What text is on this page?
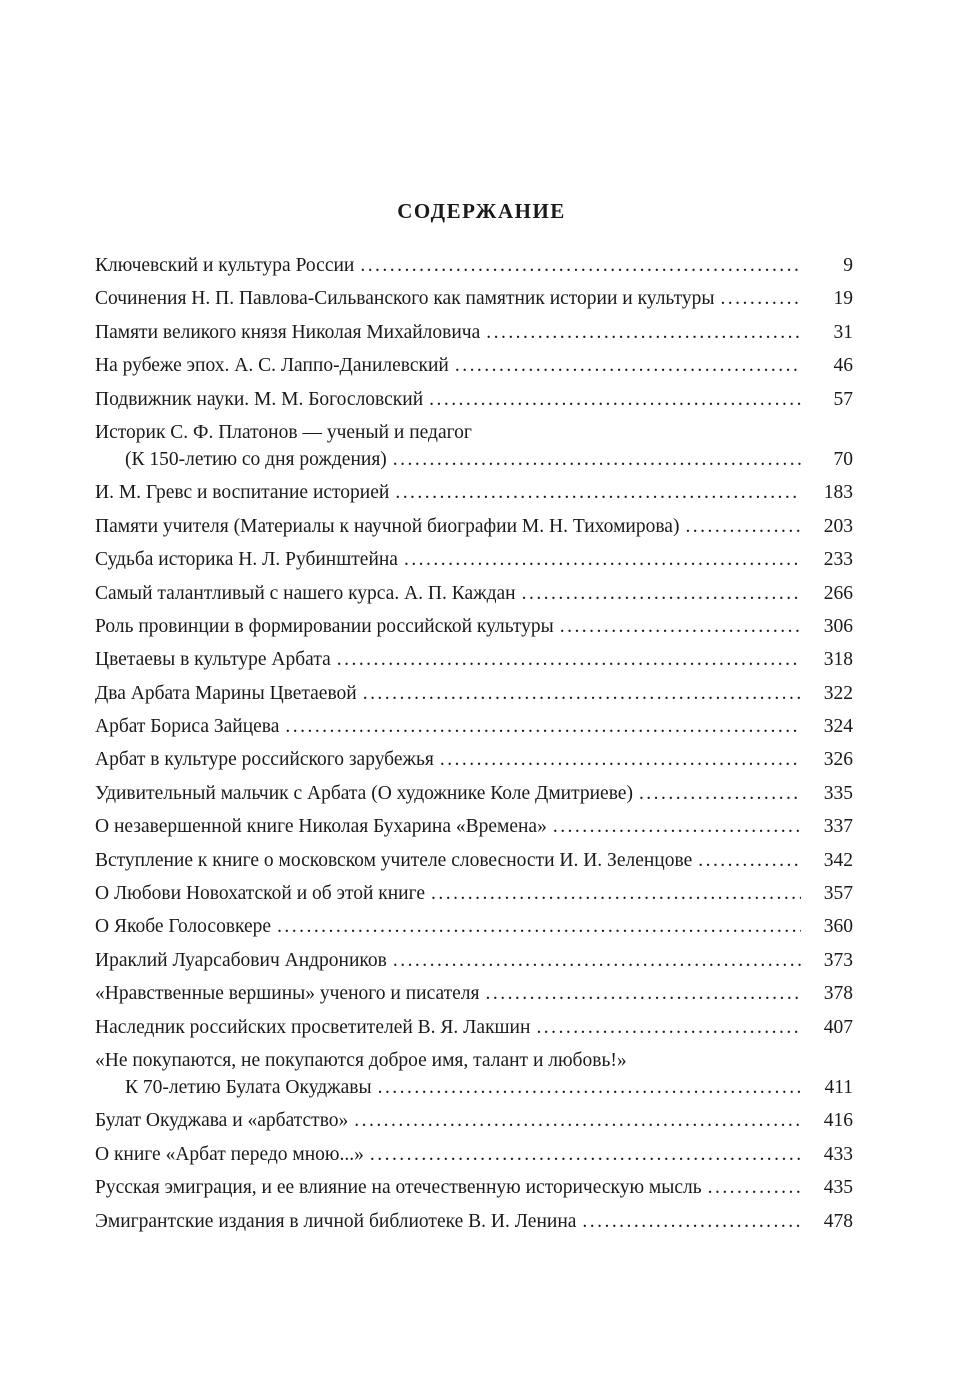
СОДЕРЖАНИЕ
Ключевский и культура России . . .	9
Сочинения Н. П. Павлова-Сильванского как памятник истории и культуры . . .	19
Памяти великого князя Николая Михайловича . . .	31
На рубеже эпох. А. С. Лаппо-Данилевский . . .	46
Подвижник науки. М. М. Богословский . . .	57
Историк С. Ф. Платонов — ученый и педагог
(К 150-летию со дня рождения) . . .	70
И. М. Гревс и воспитание историей . . .	183
Памяти учителя (Материалы к научной биографии М. Н. Тихомирова) . . .	203
Судьба историка Н. Л. Рубинштейна . . .	233
Самый талантливый с нашего курса. А. П. Каждан . . .	266
Роль провинции в формировании российской культуры . . .	306
Цветаевы в культуре Арбата . . .	318
Два Арбата Марины Цветаевой . . .	322
Арбат Бориса Зайцева . . .	324
Арбат в культуре российского зарубежья . . .	326
Удивительный мальчик с Арбата (О художнике Коле Дмитриеве) . . .	335
О незавершенной книге Николая Бухарина «Времена» . . .	337
Вступление к книге о московском учителе словесности И. И. Зеленцове . . .	342
О Любови Новохатской и об этой книге . . .	357
О Якобе Голосовкере . . .	360
Ираклий Луарсабович Андроников . . .	373
«Нравственные вершины» ученого и писателя . . .	378
Наследник российских просветителей В. Я. Лакшин . . .	407
«Не покупаются, не покупаются доброе имя, талант и любовь!»
К 70-летию Булата Окуджавы . . .	411
Булат Окуджава и «арбатство» . . .	416
О книге «Арбат передо мною...» . . .	433
Русская эмиграция, и ее влияние на отечественную историческую мысль . . .	435
Эмигрантские издания в личной библиотеке В. И. Ленина . . .	478
